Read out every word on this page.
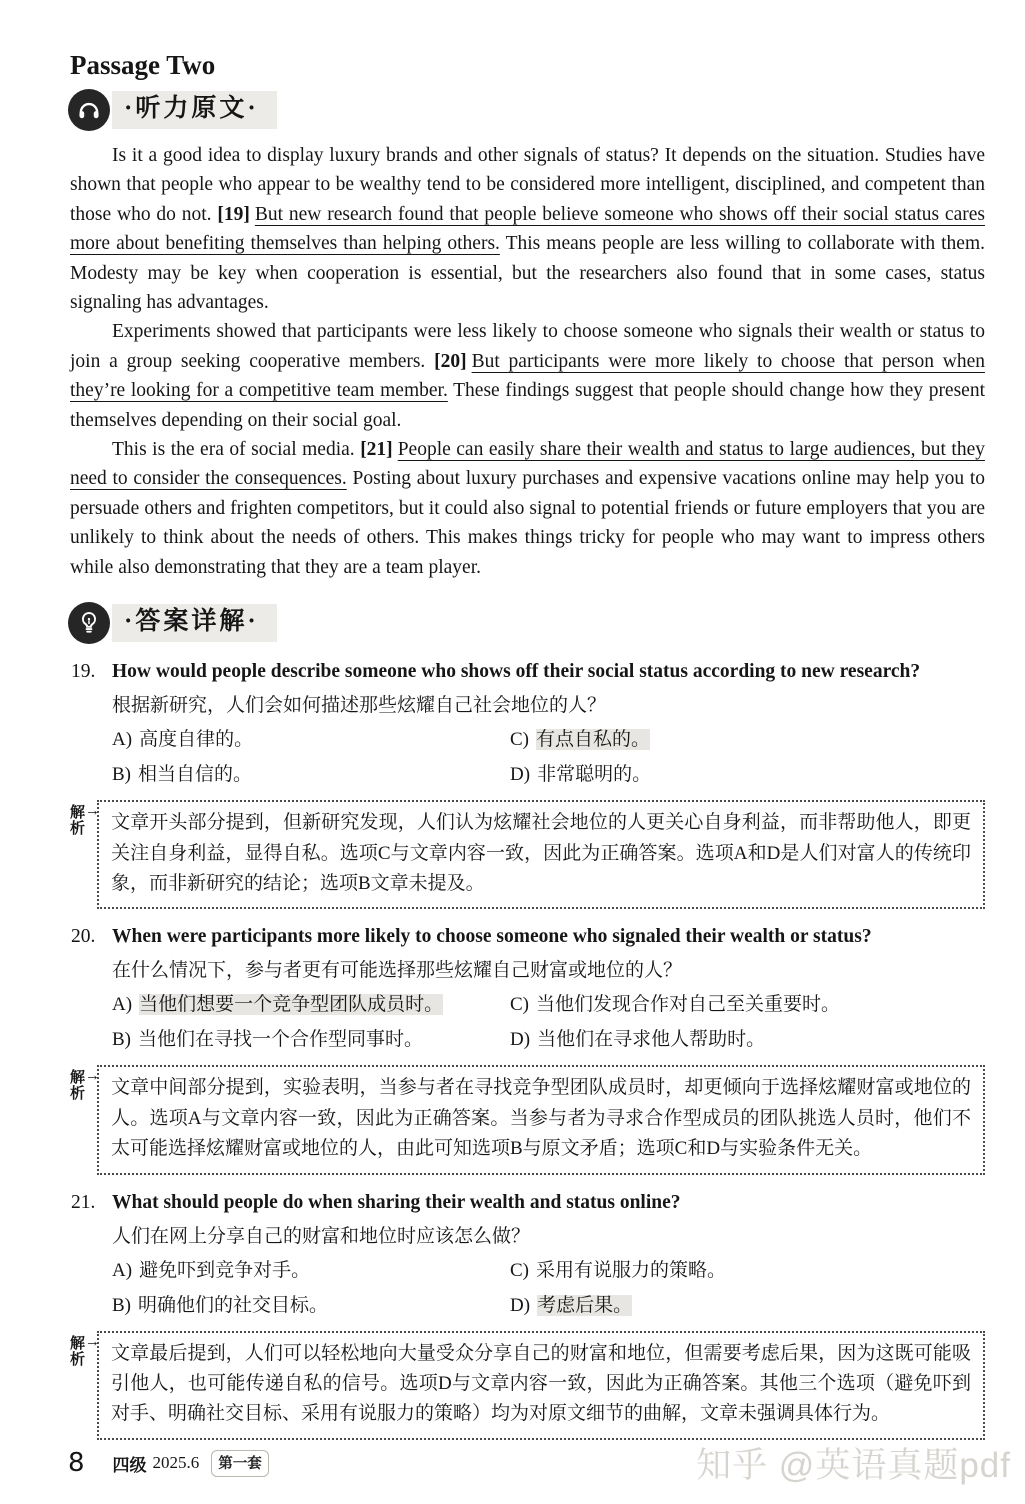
Passage Two
·听力原文·

Is it a good idea to display luxury brands and other signals of status? It depends on the situation. Studies have shown that people who appear to be wealthy tend to be considered more intelligent, disciplined, and competent than those who do not. [19] But new research found that people believe someone who shows off their social status cares more about benefiting themselves than helping others. This means people are less willing to collaborate with them. Modesty may be key when cooperation is essential, but the researchers also found that in some cases, status signaling has advantages.

Experiments showed that participants were less likely to choose someone who signals their wealth or status to join a group seeking cooperative members. [20] But participants were more likely to choose that person when they’re looking for a competitive team member. These findings suggest that people should change how they present themselves depending on their social goal.

This is the era of social media. [21] People can easily share their wealth and status to large audiences, but they need to consider the consequences. Posting about luxury purchases and expensive vacations online may help you to persuade others and frighten competitors, but it could also signal to potential friends or future employers that you are unlikely to think about the needs of others. This makes things tricky for people who may want to impress others while also demonstrating that they are a team player.

·答案详解·
19. How would people describe someone who shows off their social status according to new research?
根据新研究，人们会如何描述那些炫耀自己社会地位的人？
A) 高度自律的。	C) 有点自私的。
B) 相当自信的。	D) 非常聪明的。
解析
→
文章开头部分提到，但新研究发现，人们认为炫耀社会地位的人更关心自身利益，而非帮助他人，即更关注自身利益，显得自私。选项C与文章内容一致，因此为正确答案。选项A和D是人们对富人的传统印象，而非新研究的结论；选项B文章未提及。
20. When were participants more likely to choose someone who signaled their wealth or status?
在什么情况下，参与者更有可能选择那些炫耀自己财富或地位的人？
A) 当他们想要一个竞争型团队成员时。	C) 当他们发现合作对自己至关重要时。
B) 当他们在寻找一个合作型同事时。	D) 当他们在寻求他人帮助时。
解析
→
文章中间部分提到，实验表明，当参与者在寻找竞争型团队成员时，却更倾向于选择炫耀财富或地位的人。选项A与文章内容一致，因此为正确答案。当参与者为寻求合作型成员的团队挑选人员时，他们不太可能选择炫耀财富或地位的人，由此可知选项B与原文矛盾；选项C和D与实验条件无关。
21. What should people do when sharing their wealth and status online?
人们在网上分享自己的财富和地位时应该怎么做？
A) 避免吓到竞争对手。	C) 采用有说服力的策略。
B) 明确他们的社交目标。	D) 考虑后果。
解析
→
文章最后提到，人们可以轻松地向大量受众分享自己的财富和地位，但需要考虑后果，因为这既可能吸引他人，也可能传递自私的信号。选项D与文章内容一致，因此为正确答案。其他三个选项（避免吓到对手、明确社交目标、采用有说服力的策略）均为对原文细节的曲解，文章未强调具体行为。
8 四级 2025.6	第一套	知乎 @英语真题pdf
